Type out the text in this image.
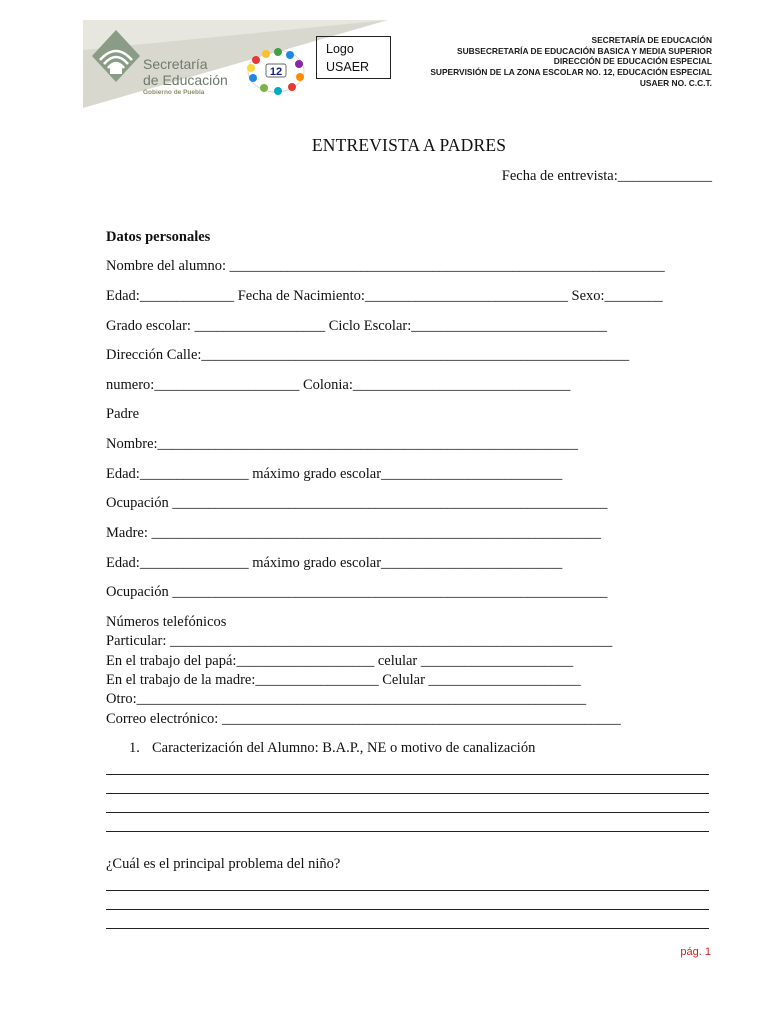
Secretaría
de Educación
Gobierno de Puebla
12
Logo
USAER
SECRETARÍA DE EDUCACIÓN
SUBSECRETARÍA DE EDUCACIÓN BASICA Y MEDIA SUPERIOR
DIRECCIÓN DE EDUCACIÓN ESPECIAL
SUPERVISIÓN DE LA ZONA ESCOLAR NO. 12, EDUCACIÓN ESPECIAL
USAER NO. C.C.T.
ENTREVISTA A PADRES
Fecha de entrevista:_____________
Datos personales
Nombre del alumno: ____________________________________________________________
Edad:_____________ Fecha de Nacimiento:____________________________ Sexo:________
Grado escolar: __________________ Ciclo Escolar:___________________________
Dirección Calle:___________________________________________________________
numero:____________________ Colonia:______________________________
Padre
Nombre:__________________________________________________________
Edad:_______________ máximo grado escolar_________________________
Ocupación ____________________________________________________________
Madre: ______________________________________________________________
Edad:_______________ máximo grado escolar_________________________
Ocupación ____________________________________________________________
Números telefónicos
Particular: _____________________________________________________________
En el trabajo del papá:___________________ celular _____________________
En el trabajo de la madre:_________________ Celular _____________________
Otro:______________________________________________________________
Correo electrónico: _______________________________________________________
1. Caracterización del Alumno: B.A.P., NE o motivo de canalización
¿Cuál es el principal problema del niño?
pág. 1
